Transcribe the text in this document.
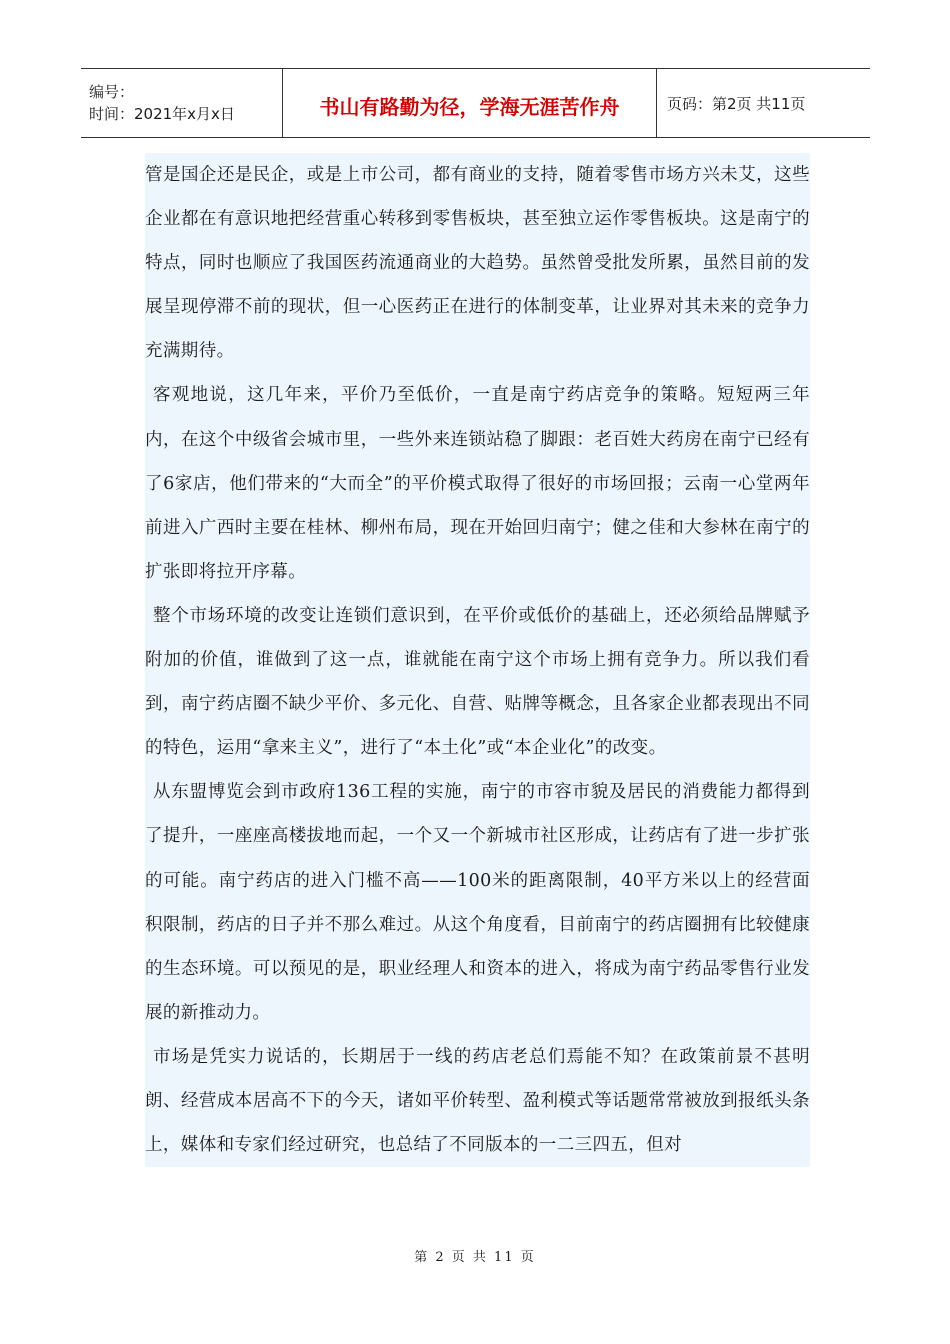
编号：
时间：2021年x月x日	书山有路勤为径，学海无涯苦作舟	页码：第2页 共11页

管是国企还是民企，或是上市公司，都有商业的支持，随着零售市场方兴未艾，这些企业都在有意识地把经营重心转移到零售板块，甚至独立运作零售板块。这是南宁的特点，同时也顺应了我国医药流通商业的大趋势。虽然曾受批发所累，虽然目前的发展呈现停滞不前的现状，但一心医药正在进行的体制变革，让业界对其未来的竞争力充满期待。

客观地说，这几年来，平价乃至低价，一直是南宁药店竞争的策略。短短两三年内，在这个中级省会城市里，一些外来连锁站稳了脚跟：老百姓大药房在南宁已经有了6家店，他们带来的“大而全”的平价模式取得了很好的市场回报；云南一心堂两年前进入广西时主要在桂林、柳州布局，现在开始回归南宁；健之佳和大参林在南宁的扩张即将拉开序幕。

整个市场环境的改变让连锁们意识到，在平价或低价的基础上，还必须给品牌赋予附加的价值，谁做到了这一点，谁就能在南宁这个市场上拥有竞争力。所以我们看到，南宁药店圈不缺少平价、多元化、自营、贴牌等概念，且各家企业都表现出不同的特色，运用“拿来主义”，进行了“本土化”或“本企业化”的改变。

从东盟博览会到市政府136工程的实施，南宁的市容市貌及居民的消费能力都得到了提升，一座座高楼拔地而起，一个又一个新城市社区形成，让药店有了进一步扩张的可能。南宁药店的进入门槛不高——100米的距离限制，40平方米以上的经营面积限制，药店的日子并不那么难过。从这个角度看，目前南宁的药店圈拥有比较健康的生态环境。可以预见的是，职业经理人和资本的进入，将成为南宁药品零售行业发展的新推动力。

市场是凭实力说话的，长期居于一线的药店老总们焉能不知？在政策前景不甚明朗、经营成本居高不下的今天，诸如平价转型、盈利模式等话题常常被放到报纸头条上，媒体和专家们经过研究，也总结了不同版本的一二三四五，但对

第 2 页 共 11 页
